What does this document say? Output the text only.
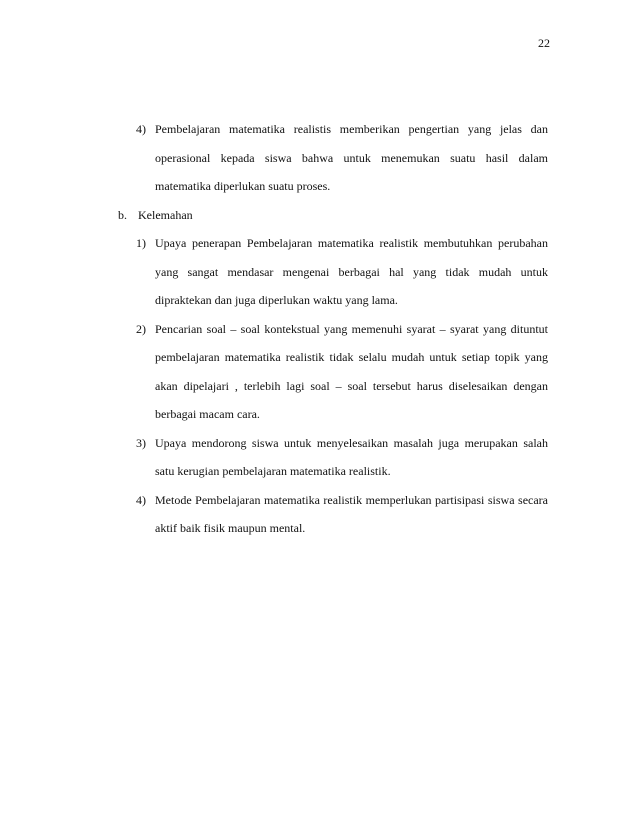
22
4) Pembelajaran matematika realistis memberikan pengertian yang jelas dan operasional kepada siswa bahwa untuk menemukan suatu hasil dalam matematika diperlukan suatu proses.

b. Kelemahan
1) Upaya penerapan Pembelajaran matematika realistik membutuhkan perubahan yang sangat mendasar mengenai berbagai hal yang tidak mudah untuk dipraktekan dan juga diperlukan waktu yang lama.

2) Pencarian soal – soal kontekstual yang memenuhi syarat – syarat yang dituntut pembelajaran matematika realistik tidak selalu mudah untuk setiap topik yang akan dipelajari , terlebih lagi soal – soal tersebut harus diselesaikan dengan berbagai macam cara.

3) Upaya mendorong siswa untuk menyelesaikan masalah juga merupakan salah satu kerugian pembelajaran matematika realistik.

4) Metode Pembelajaran matematika realistik memperlukan partisipasi siswa secara aktif baik fisik maupun mental.
